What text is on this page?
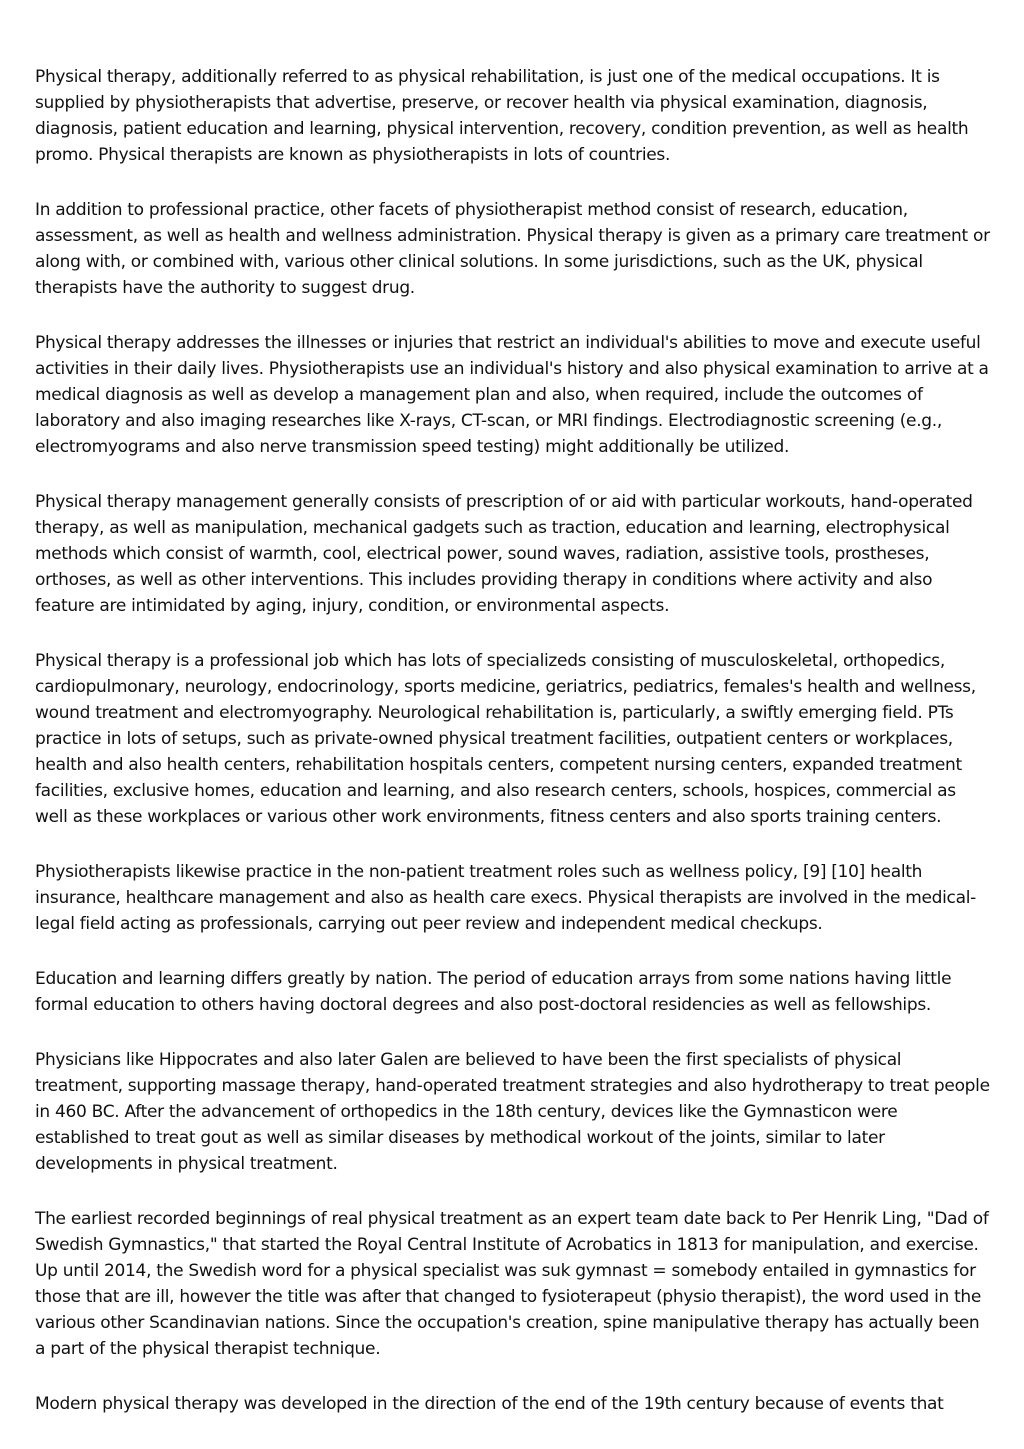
Physical therapy, additionally referred to as physical rehabilitation, is just one of the medical occupations. It is supplied by physiotherapists that advertise, preserve, or recover health via physical examination, diagnosis, diagnosis, patient education and learning, physical intervention, recovery, condition prevention, as well as health promo. Physical therapists are known as physiotherapists in lots of countries.

In addition to professional practice, other facets of physiotherapist method consist of research, education, assessment, as well as health and wellness administration. Physical therapy is given as a primary care treatment or along with, or combined with, various other clinical solutions. In some jurisdictions, such as the UK, physical therapists have the authority to suggest drug.

Physical therapy addresses the illnesses or injuries that restrict an individual's abilities to move and execute useful activities in their daily lives. Physiotherapists use an individual's history and also physical examination to arrive at a medical diagnosis as well as develop a management plan and also, when required, include the outcomes of laboratory and also imaging researches like X-rays, CT-scan, or MRI findings. Electrodiagnostic screening (e.g., electromyograms and also nerve transmission speed testing) might additionally be utilized.

Physical therapy management generally consists of prescription of or aid with particular workouts, hand-operated therapy, as well as manipulation, mechanical gadgets such as traction, education and learning, electrophysical methods which consist of warmth, cool, electrical power, sound waves, radiation, assistive tools, prostheses, orthoses, as well as other interventions. This includes providing therapy in conditions where activity and also feature are intimidated by aging, injury, condition, or environmental aspects.

Physical therapy is a professional job which has lots of specializeds consisting of musculoskeletal, orthopedics, cardiopulmonary, neurology, endocrinology, sports medicine, geriatrics, pediatrics, females's health and wellness, wound treatment and electromyography. Neurological rehabilitation is, particularly, a swiftly emerging field. PTs practice in lots of setups, such as private-owned physical treatment facilities, outpatient centers or workplaces, health and also health centers, rehabilitation hospitals centers, competent nursing centers, expanded treatment facilities, exclusive homes, education and learning, and also research centers, schools, hospices, commercial as well as these workplaces or various other work environments, fitness centers and also sports training centers.

Physiotherapists likewise practice in the non-patient treatment roles such as wellness policy, [9] [10] health insurance, healthcare management and also as health care execs. Physical therapists are involved in the medical-legal field acting as professionals, carrying out peer review and independent medical checkups.

Education and learning differs greatly by nation. The period of education arrays from some nations having little formal education to others having doctoral degrees and also post-doctoral residencies as well as fellowships.

Physicians like Hippocrates and also later Galen are believed to have been the first specialists of physical treatment, supporting massage therapy, hand-operated treatment strategies and also hydrotherapy to treat people in 460 BC. After the advancement of orthopedics in the 18th century, devices like the Gymnasticon were established to treat gout as well as similar diseases by methodical workout of the joints, similar to later developments in physical treatment.

The earliest recorded beginnings of real physical treatment as an expert team date back to Per Henrik Ling, "Dad of Swedish Gymnastics," that started the Royal Central Institute of Acrobatics in 1813 for manipulation, and exercise. Up until 2014, the Swedish word for a physical specialist was suk gymnast = somebody entailed in gymnastics for those that are ill, however the title was after that changed to fysioterapeut (physio therapist), the word used in the various other Scandinavian nations. Since the occupation's creation, spine manipulative therapy has actually been a part of the physical therapist technique.

Modern physical therapy was developed in the direction of the end of the 19th century because of events that
